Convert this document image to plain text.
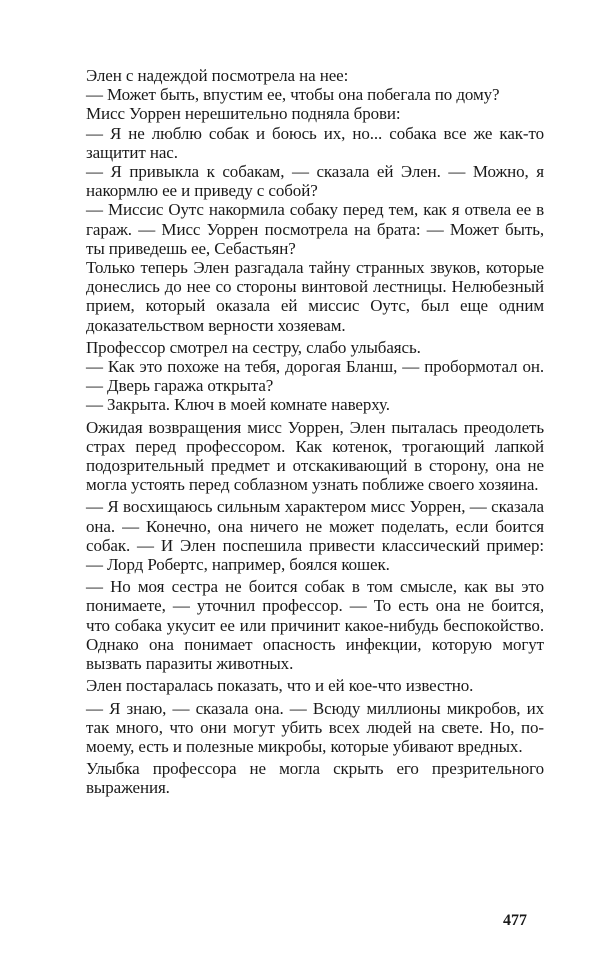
Элен с надеждой посмотрела на нее:

— Может быть, впустим ее, чтобы она побегала по дому?

Мисс Уоррен нерешительно подняла брови:

— Я не люблю собак и боюсь их, но... собака все же как-то защитит нас.

— Я привыкла к собакам, — сказала ей Элен. — Можно, я накормлю ее и приведу с собой?

— Миссис Оутс накормила собаку перед тем, как я отвела ее в гараж. — Мисс Уоррен посмотрела на брата: — Может быть, ты приведешь ее, Себастьян?

Только теперь Элен разгадала тайну странных звуков, которые донеслись до нее со стороны винтовой лестницы. Нелюбезный прием, который оказала ей миссис Оутс, был еще одним доказательством верности хозяевам.

Профессор смотрел на сестру, слабо улыбаясь.

— Как это похоже на тебя, дорогая Бланш, — пробормотал он. — Дверь гаража открыта?

— Закрыта. Ключ в моей комнате наверху.

Ожидая возвращения мисс Уоррен, Элен пыталась преодолеть страх перед профессором. Как котенок, трогающий лапкой подозрительный предмет и отскакивающий в сторону, она не могла устоять перед соблазном узнать поближе своего хозяина.

— Я восхищаюсь сильным характером мисс Уоррен, — сказала она. — Конечно, она ничего не может поделать, если боится собак. — И Элен поспешила привести классический пример: — Лорд Робертс, например, боялся кошек.

— Но моя сестра не боится собак в том смысле, как вы это понимаете, — уточнил профессор. — То есть она не боится, что собака укусит ее или причинит какое-нибудь беспокойство. Однако она понимает опасность инфекции, которую могут вызвать паразиты животных.

Элен постаралась показать, что и ей кое-что известно.

— Я знаю, — сказала она. — Всюду миллионы микробов, их так много, что они могут убить всех людей на свете. Но, по-моему, есть и полезные микробы, которые убивают вредных.

Улыбка профессора не могла скрыть его презрительного выражения.

477
